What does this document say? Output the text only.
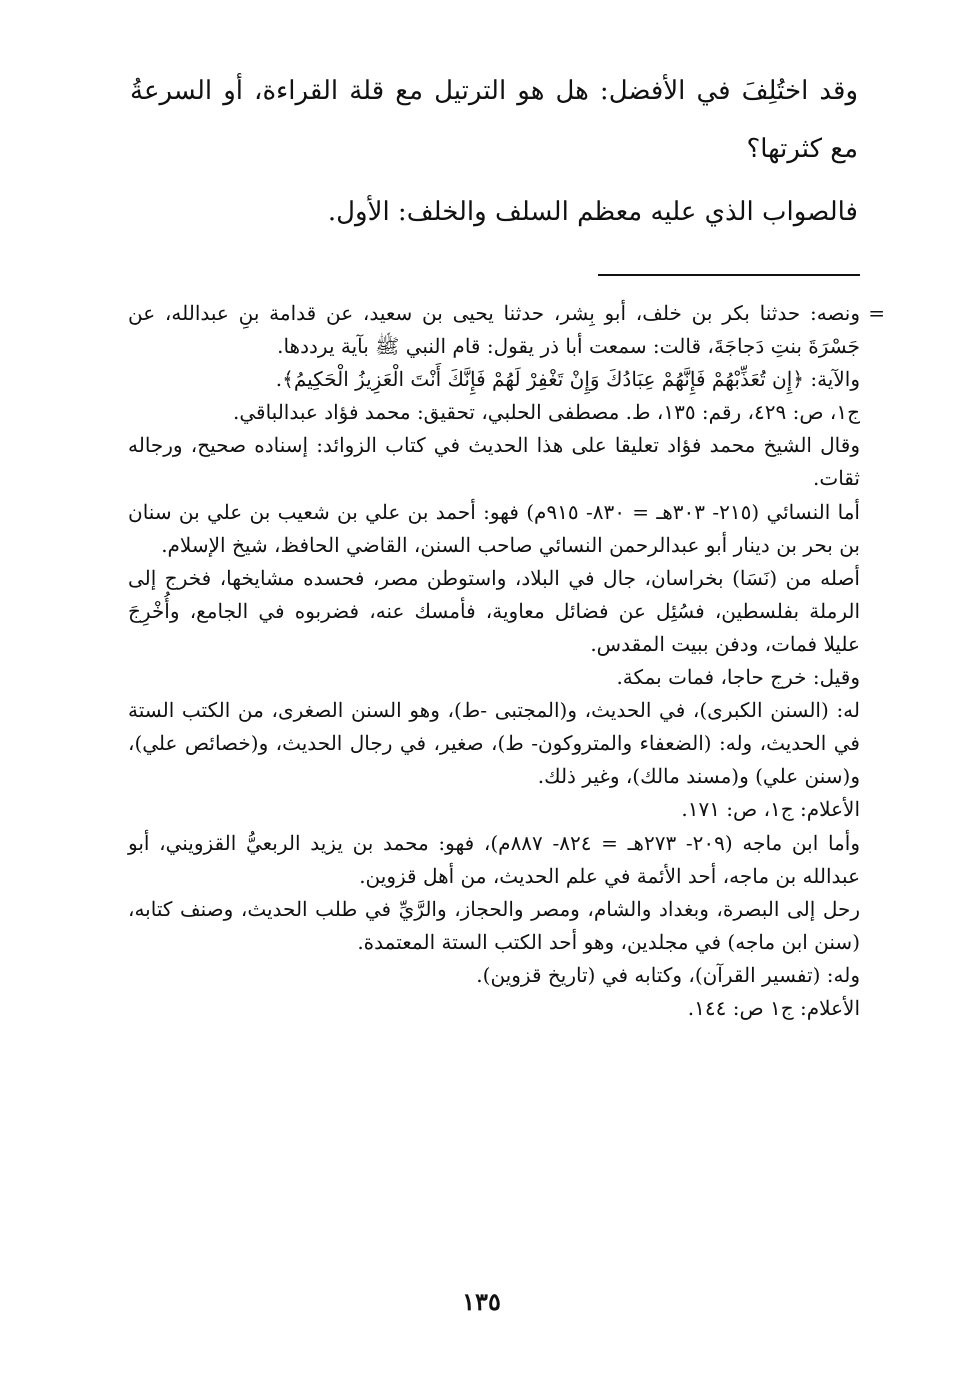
وقد اختُلِفَ في الأفضل: هل هو الترتيل مع قلة القراءة، أو السرعةُ مع كثرتها؟

فالصواب الذي عليه معظم السلف والخلف: الأول.

=
ونصه: حدثنا بكر بن خلف، أبو بِشر، حدثنا يحيى بن سعيد، عن قدامة بنِ عبدالله، عن جَسْرَةَ بنتِ دَجاجَةَ، قالت: سمعت أبا ذر يقول: قام النبي ﷺ بآية يرددها.

والآية: ﴿إِن تُعَذِّبْهُمْ فَإِنَّهُمْ عِبَادُكَ وَإِنْ تَغْفِرْ لَهُمْ فَإِنَّكَ أَنْتَ الْعَزِيزُ الْحَكِيمُ﴾.

ج١، ص: ٤٢٩، رقم: ١٣٥، ط. مصطفى الحلبي، تحقيق: محمد فؤاد عبدالباقي.

وقال الشيخ محمد فؤاد تعليقا على هذا الحديث في كتاب الزوائد: إسناده صحيح، ورجاله ثقات.

أما النسائي (٢١٥- ٣٠٣هـ = ٨٣٠- ٩١٥م) فهو: أحمد بن علي بن شعيب بن علي بن سنان بن بحر بن دينار أبو عبدالرحمن النسائي صاحب السنن، القاضي الحافظ، شيخ الإسلام.

أصله من (نَسَا) بخراسان، جال في البلاد، واستوطن مصر، فحسده مشايخها، فخرج إلى الرملة بفلسطين، فسُئِل عن فضائل معاوية، فأمسك عنه، فضربوه في الجامع، وأُخْرِجَ عليلا فمات، ودفن ببيت المقدس.

وقيل: خرج حاجا، فمات بمكة.

له: (السنن الكبرى)، في الحديث، و(المجتبى -ط)، وهو السنن الصغرى، من الكتب الستة في الحديث، وله: (الضعفاء والمتروكون- ط)، صغير، في رجال الحديث، و(خصائص علي)، و(سنن علي) و(مسند مالك)، وغير ذلك.

الأعلام: ج١، ص: ١٧١.

وأما ابن ماجه (٢٠٩- ٢٧٣هـ = ٨٢٤- ٨٨٧م)، فهو: محمد بن يزيد الربعيُّ القزويني، أبو عبدالله بن ماجه، أحد الأئمة في علم الحديث، من أهل قزوين.

رحل إلى البصرة، وبغداد والشام، ومصر والحجاز، والرَّيِّ في طلب الحديث، وصنف كتابه، (سنن ابن ماجه) في مجلدين، وهو أحد الكتب الستة المعتمدة.

وله: (تفسير القرآن)، وكتابه في (تاريخ قزوين).

الأعلام: ج١ ص: ١٤٤.

١٣٥
